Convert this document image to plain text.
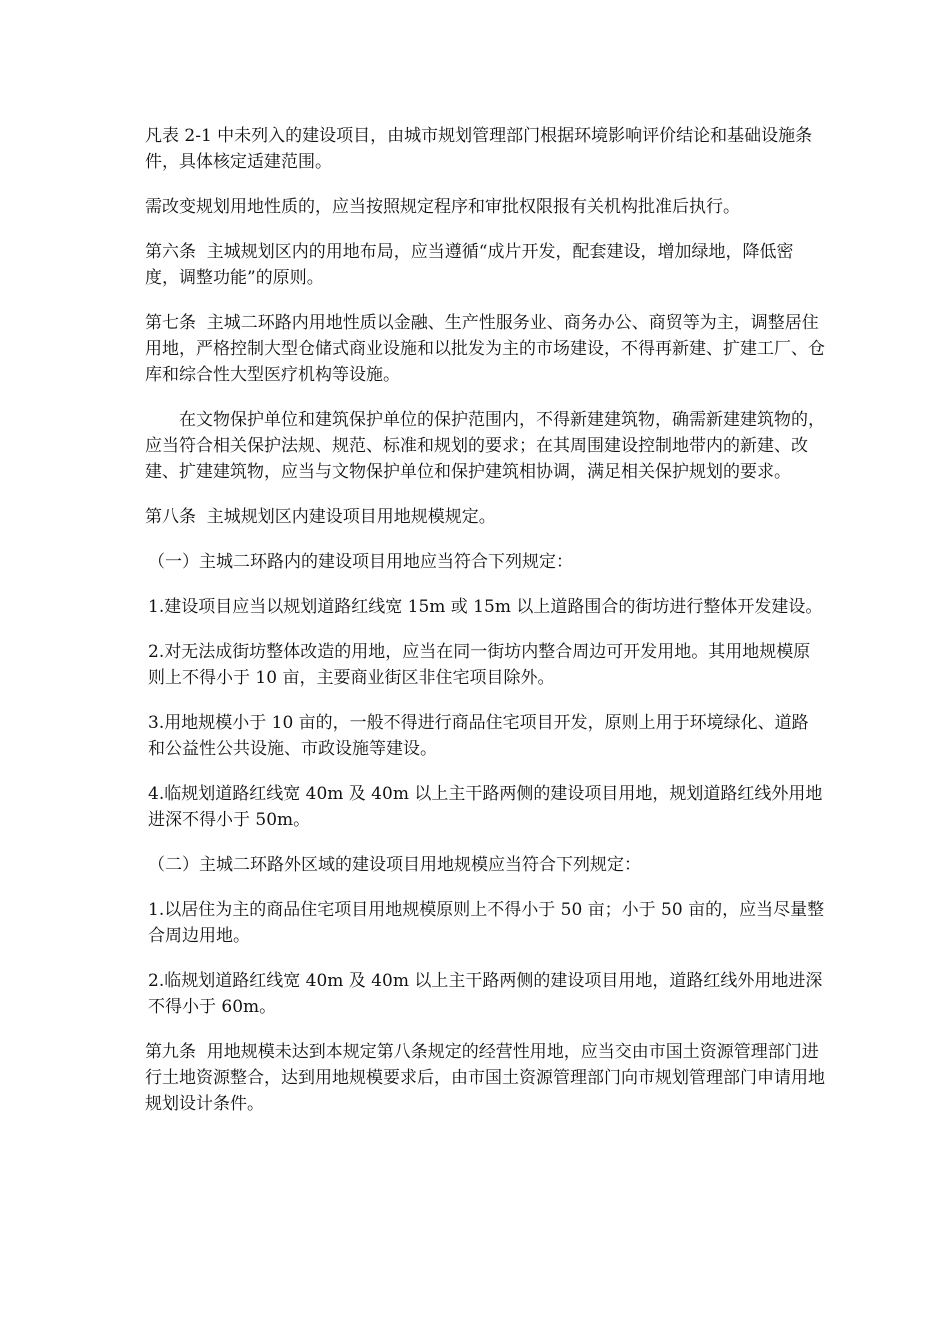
凡表 2-1 中未列入的建设项目，由城市规划管理部门根据环境影响评价结论和基础设施条件，具体核定适建范围。

需改变规划用地性质的，应当按照规定程序和审批权限报有关机构批准后执行。

第六条  主城规划区内的用地布局，应当遵循“成片开发，配套建设，增加绿地，降低密度，调整功能”的原则。

第七条  主城二环路内用地性质以金融、生产性服务业、商务办公、商贸等为主，调整居住用地，严格控制大型仓储式商业设施和以批发为主的市场建设，不得再新建、扩建工厂、仓库和综合性大型医疗机构等设施。

在文物保护单位和建筑保护单位的保护范围内，不得新建建筑物，确需新建建筑物的，应当符合相关保护法规、规范、标准和规划的要求；在其周围建设控制地带内的新建、改建、扩建建筑物，应当与文物保护单位和保护建筑相协调，满足相关保护规划的要求。

第八条  主城规划区内建设项目用地规模规定。

（一）主城二环路内的建设项目用地应当符合下列规定：

1.建设项目应当以规划道路红线宽 15m 或 15m 以上道路围合的街坊进行整体开发建设。

2.对无法成街坊整体改造的用地，应当在同一街坊内整合周边可开发用地。其用地规模原则上不得小于 10 亩，主要商业街区非住宅项目除外。

3.用地规模小于 10 亩的，一般不得进行商品住宅项目开发，原则上用于环境绿化、道路和公益性公共设施、市政设施等建设。

4.临规划道路红线宽 40m 及 40m 以上主干路两侧的建设项目用地，规划道路红线外用地进深不得小于 50m。

（二）主城二环路外区域的建设项目用地规模应当符合下列规定：

1.以居住为主的商品住宅项目用地规模原则上不得小于 50 亩；小于 50 亩的，应当尽量整合周边用地。

2.临规划道路红线宽 40m 及 40m 以上主干路两侧的建设项目用地，道路红线外用地进深不得小于 60m。

第九条  用地规模未达到本规定第八条规定的经营性用地，应当交由市国土资源管理部门进行土地资源整合，达到用地规模要求后，由市国土资源管理部门向市规划管理部门申请用地规划设计条件。
